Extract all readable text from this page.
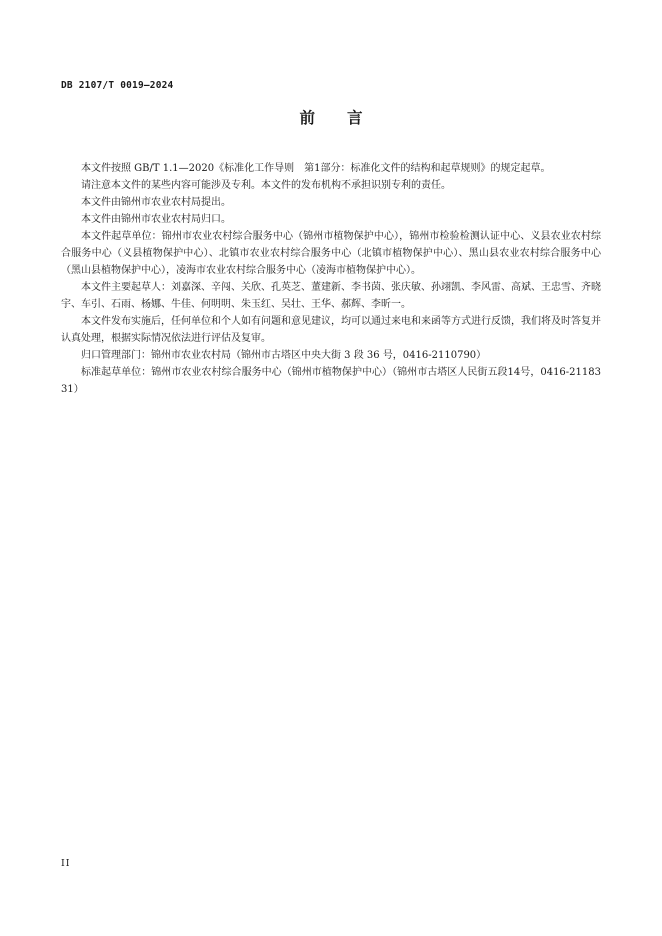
DB 2107/T 0019—2024
前言

本文件按照 GB/T 1.1—2020《标准化工作导则　第1部分：标准化文件的结构和起草规则》的规定起草。

请注意本文件的某些内容可能涉及专利。本文件的发布机构不承担识别专利的责任。

本文件由锦州市农业农村局提出。

本文件由锦州市农业农村局归口。

本文件起草单位：锦州市农业农村综合服务中心（锦州市植物保护中心），锦州市检验检测认证中心、义县农业农村综合服务中心（义县植物保护中心）、北镇市农业农村综合服务中心（北镇市植物保护中心）、黑山县农业农村综合服务中心（黑山县植物保护中心），凌海市农业农村综合服务中心（凌海市植物保护中心）。

本文件主要起草人：刘嘉深、辛闯、关欣、孔英芝、董建新、李书茵、张庆敏、孙翊凯、李风雷、高斌、王忠雪、齐晓宇、车引、石雨、杨娜、牛佳、何明明、朱玉红、吴壮、王华、郝辉、李昕一。

本文件发布实施后，任何单位和个人如有问题和意见建议，均可以通过来电和来函等方式进行反馈，我们将及时答复并认真处理，根据实际情况依法进行评估及复审。

归口管理部门：锦州市农业农村局（锦州市古塔区中央大街 3 段 36 号，0416-2110790）

标准起草单位：锦州市农业农村综合服务中心（锦州市植物保护中心）（锦州市古塔区人民街五段14号，0416-2118331）

II
